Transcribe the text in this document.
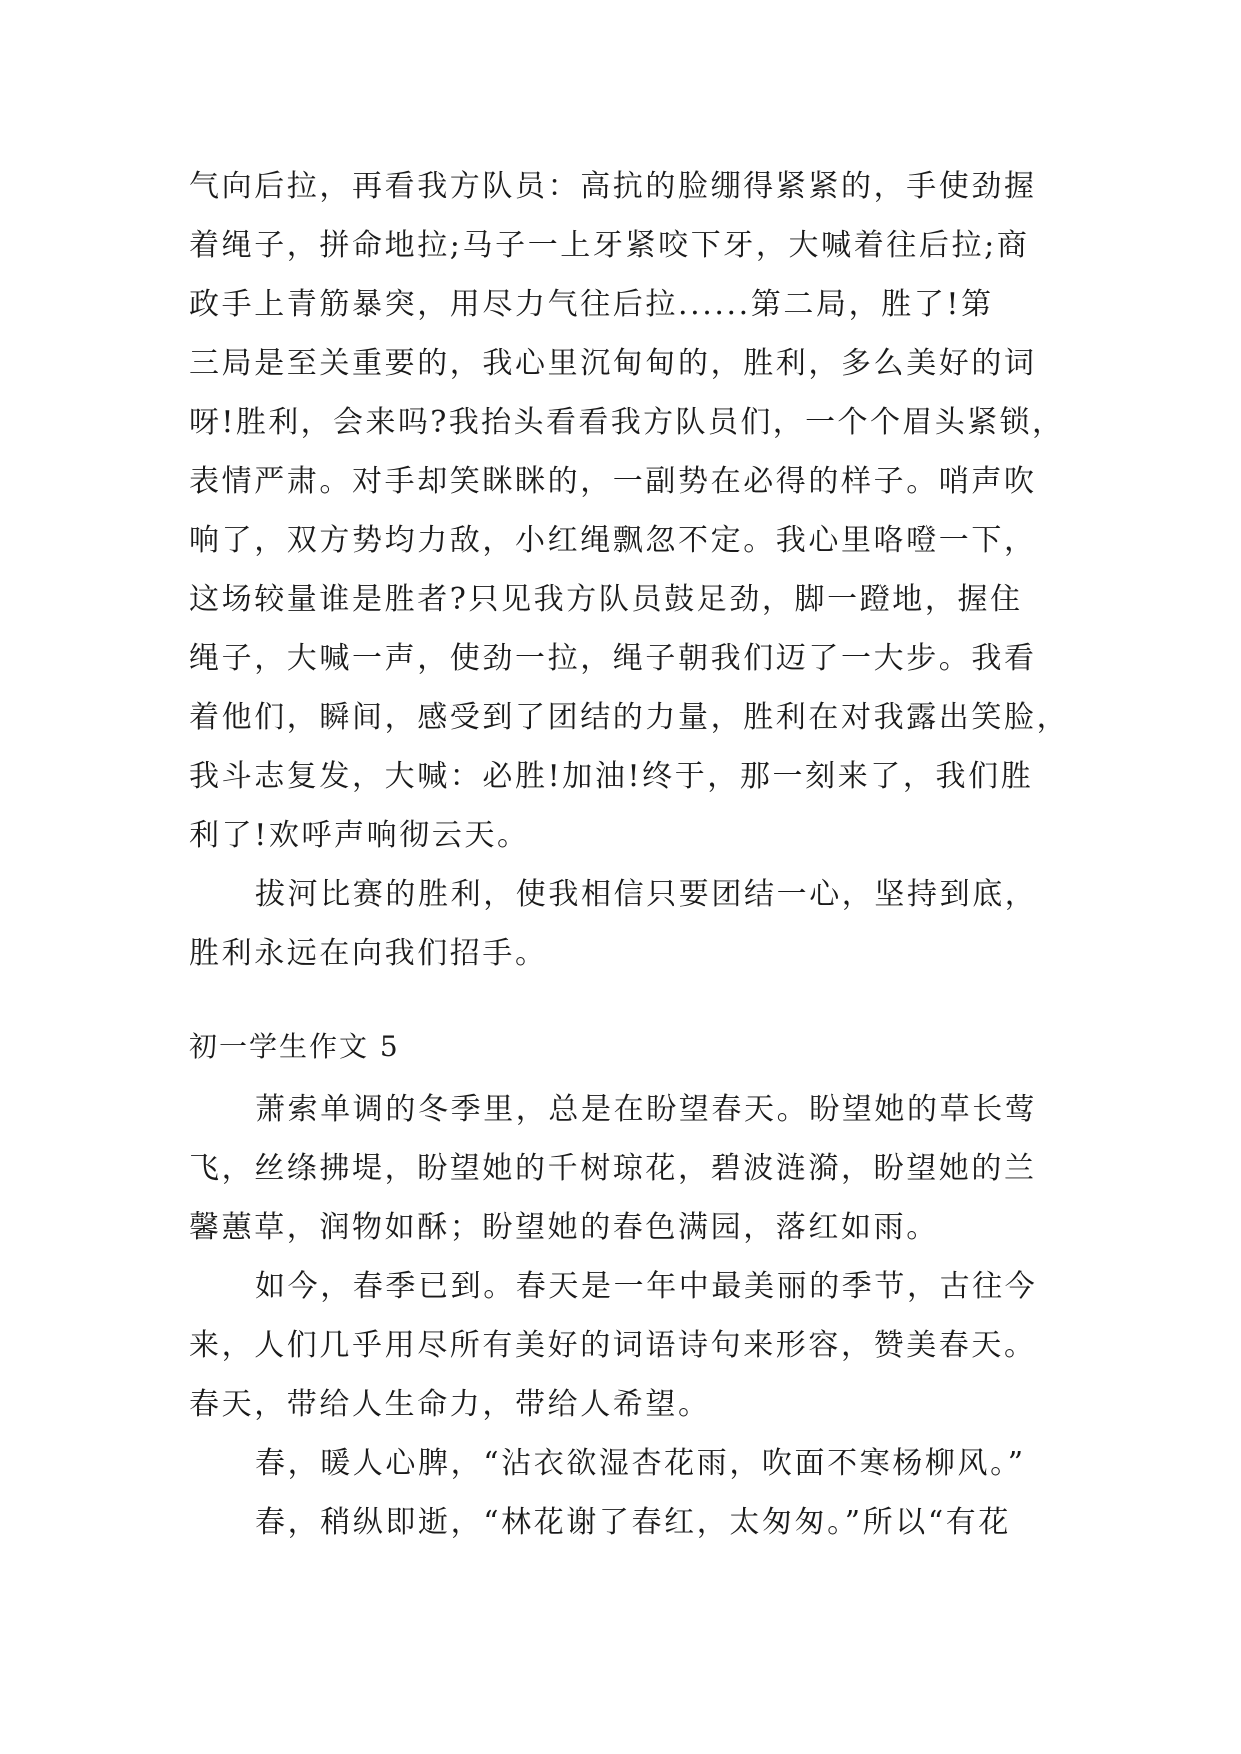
气向后拉，再看我方队员：高抗的脸绷得紧紧的，手使劲握
着绳子，拼命地拉;马子一上牙紧咬下牙，大喊着往后拉;商
政手上青筋暴突，用尽力气往后拉......第二局，胜了!第
三局是至关重要的，我心里沉甸甸的，胜利，多么美好的词
呀!胜利，会来吗?我抬头看看我方队员们，一个个眉头紧锁，
表情严肃。对手却笑眯眯的，一副势在必得的样子。哨声吹
响了，双方势均力敌，小红绳飘忽不定。我心里咯噔一下，
这场较量谁是胜者?只见我方队员鼓足劲，脚一蹬地，握住
绳子，大喊一声，使劲一拉，绳子朝我们迈了一大步。我看
着他们，瞬间，感受到了团结的力量，胜利在对我露出笑脸，
我斗志复发，大喊：必胜!加油!终于，那一刻来了，我们胜
利了!欢呼声响彻云天。
拔河比赛的胜利，使我相信只要团结一心，坚持到底，
胜利永远在向我们招手。
初一学生作文 5
萧索单调的冬季里，总是在盼望春天。盼望她的草长莺
飞，丝绦拂堤，盼望她的千树琼花，碧波涟漪，盼望她的兰
馨蕙草，润物如酥；盼望她的春色满园，落红如雨。
如今，春季已到。春天是一年中最美丽的季节，古往今
来，人们几乎用尽所有美好的词语诗句来形容，赞美春天。
春天，带给人生命力，带给人希望。
春，暖人心脾，“沾衣欲湿杏花雨，吹面不寒杨柳风。”
春，稍纵即逝，“林花谢了春红，太匆匆。”所以“有花
